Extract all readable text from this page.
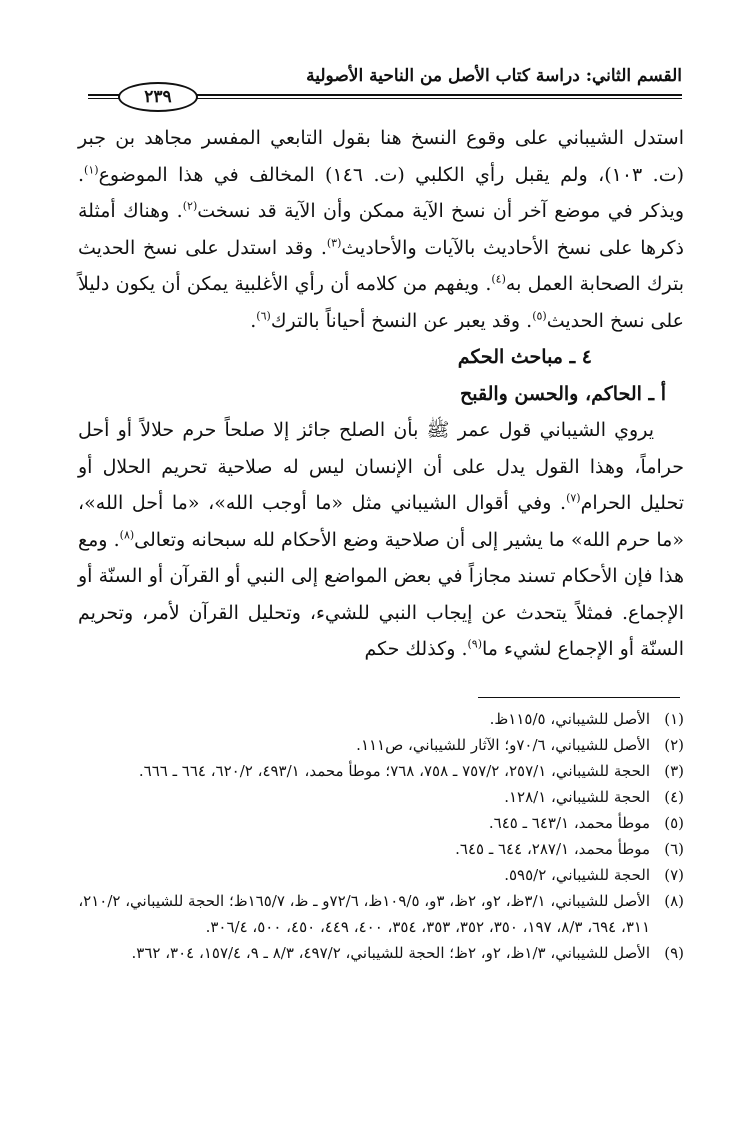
القسم الثاني: دراسة كتاب الأصل من الناحية الأصولية
٢٣٩

استدل الشيباني على وقوع النسخ هنا بقول التابعي المفسر مجاهد بن جبر (ت. ١٠٣)، ولم يقبل رأي الكلبي (ت. ١٤٦) المخالف في هذا الموضوع$^{(١)}$. ويذكر في موضع آخر أن نسخ الآية ممكن وأن الآية قد نسخت$^{(٢)}$. وهناك أمثلة ذكرها على نسخ الأحاديث بالآيات والأحاديث$^{(٣)}$. وقد استدل على نسخ الحديث بترك الصحابة العمل به$^{(٤)}$. ويفهم من كلامه أن رأي الأغلبية يمكن أن يكون دليلاً على نسخ الحديث$^{(٥)}$. وقد يعبر عن النسخ أحياناً بالترك$^{(٦)}$.

٤ ـ مباحث الحكم
أ ـ الحاكم، والحسن والقبح

يروي الشيباني قول عمر ﷺ بأن الصلح جائز إلا صلحاً حرم حلالاً أو أحل حراماً، وهذا القول يدل على أن الإنسان ليس له صلاحية تحريم الحلال أو تحليل الحرام$^{(٧)}$. وفي أقوال الشيباني مثل «ما أوجب الله»، «ما أحل الله»، «ما حرم الله» ما يشير إلى أن صلاحية وضع الأحكام لله سبحانه وتعالى$^{(٨)}$. ومع هذا فإن الأحكام تسند مجازاً في بعض المواضع إلى النبي أو القرآن أو السنّة أو الإجماع. فمثلاً يتحدث عن إيجاب النبي للشيء، وتحليل القرآن لأمر، وتحريم السنّة أو الإجماع لشيء ما$^{(٩)}$. وكذلك حكم

(١)
الأصل للشيباني، ١١٥/٥ظ.
(٢)
الأصل للشيباني، ٧٠/٦و؛ الآثار للشيباني، ص١١١.
(٣)
الحجة للشيباني، ٢٥٧/١، ٧٥٧/٢ ـ ٧٥٨، ٧٦٨؛ موطأ محمد، ٤٩٣/١، ٦٢٠/٢، ٦٦٤ ـ ٦٦٦.
(٤)
الحجة للشيباني، ١٢٨/١.
(٥)
موطأ محمد، ٦٤٣/١ ـ ٦٤٥.
(٦)
موطأ محمد، ٢٨٧/١، ٦٤٤ ـ ٦٤٥.
(٧)
الحجة للشيباني، ٥٩٥/٢.
(٨)
الأصل للشيباني، ٣/١ظ، ٢و، ٢ظ، ٣و، ١٠٩/٥ظ، ٧٢/٦و ـ ظ، ١٦٥/٧ظ؛ الحجة للشيباني، ٢١٠/٢، ٣١١، ٦٩٤، ٨/٣، ١٩٧، ٣٥٠، ٣٥٢، ٣٥٣، ٣٥٤، ٤٠٠، ٤٤٩، ٤٥٠، ٥٠٠، ٣٠٦/٤.
(٩)
الأصل للشيباني، ١/٣ظ، ٢و، ٢ظ؛ الحجة للشيباني، ٤٩٧/٢، ٨/٣ ـ ٩، ١٥٧/٤، ٣٠٤، ٣٦٢.
